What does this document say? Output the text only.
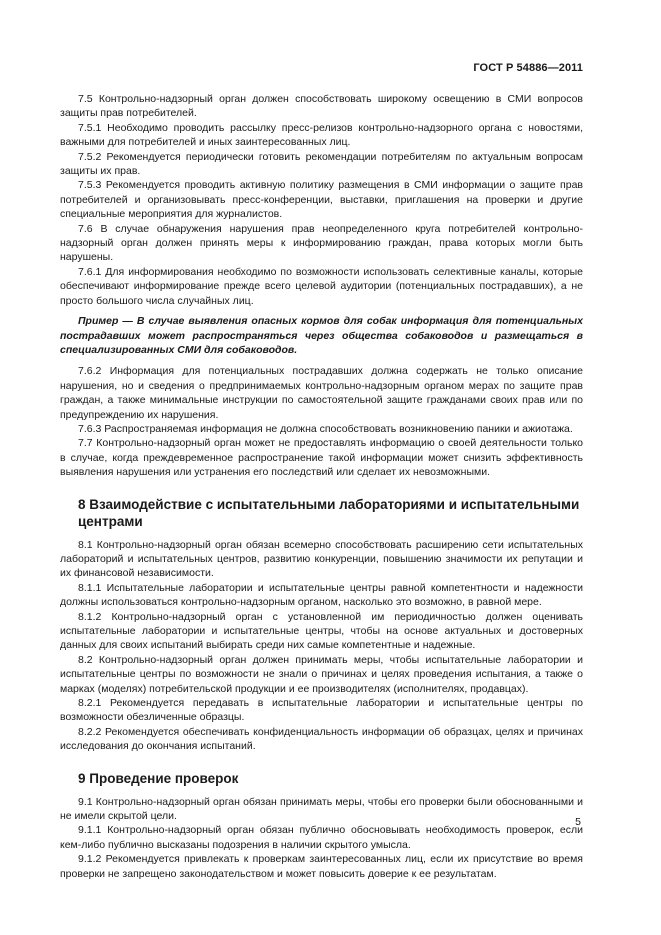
ГОСТ Р 54886—2011

7.5 Контрольно-надзорный орган должен способствовать широкому освещению в СМИ вопросов защиты прав потребителей.

7.5.1 Необходимо проводить рассылку пресс-релизов контрольно-надзорного органа с новостями, важными для потребителей и иных заинтересованных лиц.

7.5.2 Рекомендуется периодически готовить рекомендации потребителям по актуальным вопросам защиты их прав.

7.5.3 Рекомендуется проводить активную политику размещения в СМИ информации о защите прав потребителей и организовывать пресс-конференции, выставки, приглашения на проверки и другие специальные мероприятия для журналистов.

7.6 В случае обнаружения нарушения прав неопределенного круга потребителей контрольно-надзорный орган должен принять меры к информированию граждан, права которых могли быть нарушены.

7.6.1 Для информирования необходимо по возможности использовать селективные каналы, которые обеспечивают информирование прежде всего целевой аудитории (потенциальных пострадавших), а не просто большого числа случайных лиц.

Пример — В случае выявления опасных кормов для собак информация для потенциальных пострадавших может распространяться через общества собаководов и размещаться в специализированных СМИ для собаководов.

7.6.2 Информация для потенциальных пострадавших должна содержать не только описание нарушения, но и сведения о предпринимаемых контрольно-надзорным органом мерах по защите прав граждан, а также минимальные инструкции по самостоятельной защите гражданами своих прав или по предупреждению их нарушения.

7.6.3 Распространяемая информация не должна способствовать возникновению паники и ажиотажа.

7.7 Контрольно-надзорный орган может не предоставлять информацию о своей деятельности только в случае, когда преждевременное распространение такой информации может снизить эффективность выявления нарушения или устранения его последствий или сделает их невозможными.

8 Взаимодействие с испытательными лабораториями и испытательными центрами

8.1 Контрольно-надзорный орган обязан всемерно способствовать расширению сети испытательных лабораторий и испытательных центров, развитию конкуренции, повышению значимости их репутации и их финансовой независимости.

8.1.1 Испытательные лаборатории и испытательные центры равной компетентности и надежности должны использоваться контрольно-надзорным органом, насколько это возможно, в равной мере.

8.1.2 Контрольно-надзорный орган с установленной им периодичностью должен оценивать испытательные лаборатории и испытательные центры, чтобы на основе актуальных и достоверных данных для своих испытаний выбирать среди них самые компетентные и надежные.

8.2 Контрольно-надзорный орган должен принимать меры, чтобы испытательные лаборатории и испытательные центры по возможности не знали о причинах и целях проведения испытания, а также о марках (моделях) потребительской продукции и ее производителях (исполнителях, продавцах).

8.2.1 Рекомендуется передавать в испытательные лаборатории и испытательные центры по возможности обезличенные образцы.

8.2.2 Рекомендуется обеспечивать конфиденциальность информации об образцах, целях и причинах исследования до окончания испытаний.

9 Проведение проверок

9.1 Контрольно-надзорный орган обязан принимать меры, чтобы его проверки были обоснованными и не имели скрытой цели.

9.1.1 Контрольно-надзорный орган обязан публично обосновывать необходимость проверок, если кем-либо публично высказаны подозрения в наличии скрытого умысла.

9.1.2 Рекомендуется привлекать к проверкам заинтересованных лиц, если их присутствие во время проверки не запрещено законодательством и может повысить доверие к ее результатам.

5
